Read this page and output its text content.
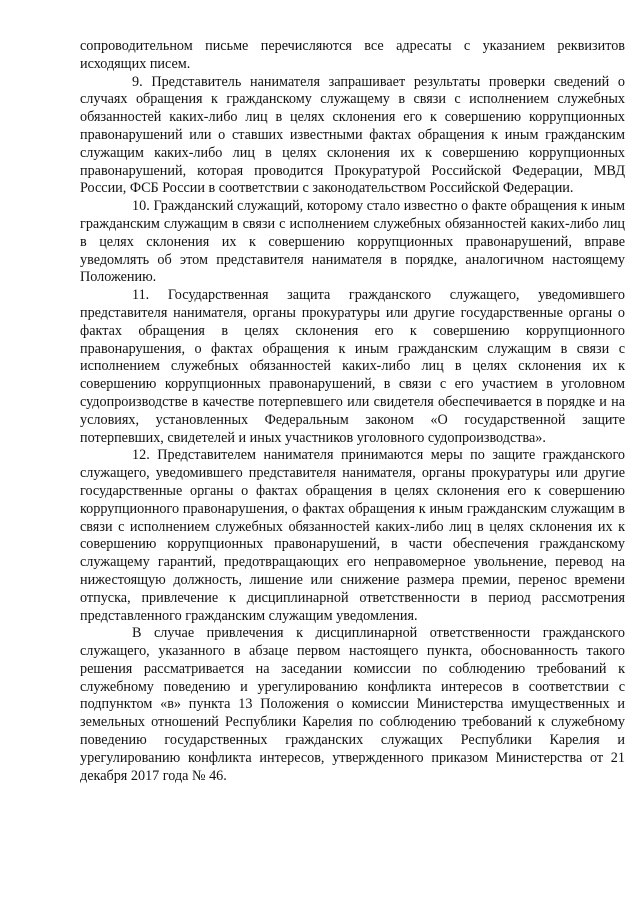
сопроводительном письме перечисляются все адресаты с указанием реквизитов исходящих писем.

9. Представитель нанимателя запрашивает результаты проверки сведений о случаях обращения к гражданскому служащему в связи с исполнением служебных обязанностей каких-либо лиц в целях склонения его к совершению коррупционных правонарушений или о ставших известными фактах обращения к иным гражданским служащим каких-либо лиц в целях склонения их к совершению коррупционных правонарушений, которая проводится Прокуратурой Российской Федерации, МВД России, ФСБ России в соответствии с законодательством Российской Федерации.

10. Гражданский служащий, которому стало известно о факте обращения к иным гражданским служащим в связи с исполнением служебных обязанностей каких-либо лиц в целях склонения их к совершению коррупционных правонарушений, вправе уведомлять об этом представителя нанимателя в порядке, аналогичном настоящему Положению.

11. Государственная защита гражданского служащего, уведомившего представителя нанимателя, органы прокуратуры или другие государственные органы о фактах обращения в целях склонения его к совершению коррупционного правонарушения, о фактах обращения к иным гражданским служащим в связи с исполнением служебных обязанностей каких-либо лиц в целях склонения их к совершению коррупционных правонарушений, в связи с его участием в уголовном судопроизводстве в качестве потерпевшего или свидетеля обеспечивается в порядке и на условиях, установленных Федеральным законом «О государственной защите потерпевших, свидетелей и иных участников уголовного судопроизводства».

12. Представителем нанимателя принимаются меры по защите гражданского служащего, уведомившего представителя нанимателя, органы прокуратуры или другие государственные органы о фактах обращения в целях склонения его к совершению коррупционного правонарушения, о фактах обращения к иным гражданским служащим в связи с исполнением служебных обязанностей каких-либо лиц в целях склонения их к совершению коррупционных правонарушений, в части обеспечения гражданскому служащему гарантий, предотвращающих его неправомерное увольнение, перевод на нижестоящую должность, лишение или снижение размера премии, перенос времени отпуска, привлечение к дисциплинарной ответственности в период рассмотрения представленного гражданским служащим уведомления.

В случае привлечения к дисциплинарной ответственности гражданского служащего, указанного в абзаце первом настоящего пункта, обоснованность такого решения рассматривается на заседании комиссии по соблюдению требований к служебному поведению и урегулированию конфликта интересов в соответствии с подпунктом «в» пункта 13 Положения о комиссии Министерства имущественных и земельных отношений Республики Карелия по соблюдению требований к служебному поведению государственных гражданских служащих Республики Карелия и урегулированию конфликта интересов, утвержденного приказом Министерства от 21 декабря 2017 года № 46.
